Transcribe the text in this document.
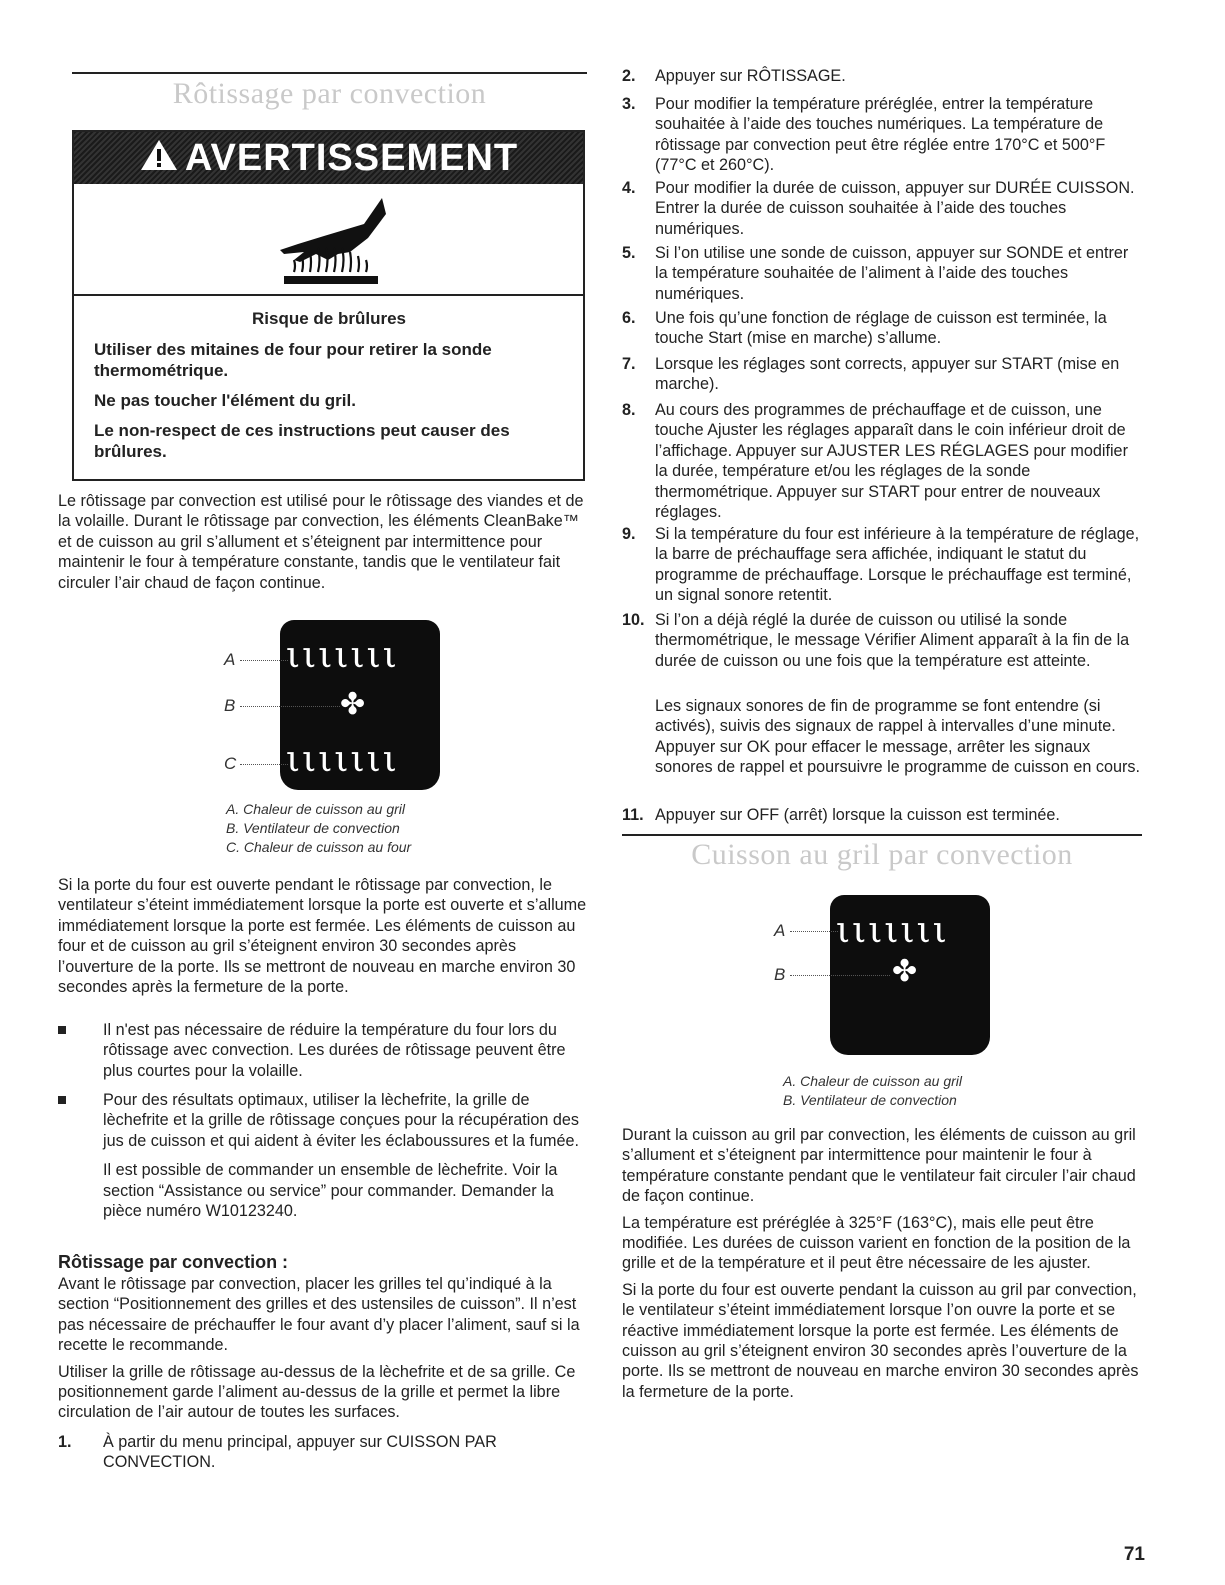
Rôtissage par convection
AVERTISSEMENT

Risque de brûlures

Utiliser des mitaines de four pour retirer la sonde thermométrique.

Ne pas toucher l'élément du gril.

Le non-respect de ces instructions peut causer des brûlures.

Le rôtissage par convection est utilisé pour le rôtissage des viandes et de la volaille. Durant le rôtissage par convection, les éléments CleanBake™ et de cuisson au gril s’allument et s’éteignent par intermittence pour maintenir le four à température constante, tandis que le ventilateur fait circuler l’air chaud de façon continue.

ιιιιιιι
✤
ιιιιιιι
A
B
C
A. Chaleur de cuisson au gril
B. Ventilateur de convection
C. Chaleur de cuisson au four

Si la porte du four est ouverte pendant le rôtissage par convection, le ventilateur s’éteint immédiatement lorsque la porte est ouverte et s’allume immédiatement lorsque la porte est fermée. Les éléments de cuisson au four et de cuisson au gril s’éteignent environ 30 secondes après l’ouverture de la porte. Ils se mettront de nouveau en marche environ 30 secondes après la fermeture de la porte.

Il n'est pas nécessaire de réduire la température du four lors du rôtissage avec convection. Les durées de rôtissage peuvent être plus courtes pour la volaille.

Pour des résultats optimaux, utiliser la lèchefrite, la grille de lèchefrite et la grille de rôtissage conçues pour la récupération des jus de cuisson et qui aident à éviter les éclaboussures et la fumée.

Il est possible de commander un ensemble de lèchefrite. Voir la section “Assistance ou service” pour commander. Demander la pièce numéro W10123240.

Rôtissage par convection :

Avant le rôtissage par convection, placer les grilles tel qu’indiqué à la section “Positionnement des grilles et des ustensiles de cuisson”. Il n’est pas nécessaire de préchauffer le four avant d’y placer l’aliment, sauf si la recette le recommande.

Utiliser la grille de rôtissage au-dessus de la lèchefrite et de sa grille. Ce positionnement garde l’aliment au-dessus de la grille et permet la libre circulation de l’air autour de toutes les surfaces.

1. À partir du menu principal, appuyer sur CUISSON PAR CONVECTION.
2. Appuyer sur RÔTISSAGE.
3. Pour modifier la température préréglée, entrer la température souhaitée à l’aide des touches numériques. La température de rôtissage par convection peut être réglée entre 170°C et 500°F (77°C et 260°C).
4. Pour modifier la durée de cuisson, appuyer sur DURÉE CUISSON. Entrer la durée de cuisson souhaitée à l’aide des touches numériques.
5. Si l’on utilise une sonde de cuisson, appuyer sur SONDE et entrer la température souhaitée de l’aliment à l’aide des touches numériques.
6. Une fois qu’une fonction de réglage de cuisson est terminée, la touche Start (mise en marche) s’allume.
7. Lorsque les réglages sont corrects, appuyer sur START (mise en marche).
8. Au cours des programmes de préchauffage et de cuisson, une touche Ajuster les réglages apparaît dans le coin inférieur droit de l’affichage. Appuyer sur AJUSTER LES RÉGLAGES pour modifier la durée, température et/ou les réglages de la sonde thermométrique. Appuyer sur START pour entrer de nouveaux réglages.
9. Si la température du four est inférieure à la température de réglage, la barre de préchauffage sera affichée, indiquant le statut du programme de préchauffage. Lorsque le préchauffage est terminé, un signal sonore retentit.
10. Si l’on a déjà réglé la durée de cuisson ou utilisé la sonde thermométrique, le message Vérifier Aliment apparaît à la fin de la durée de cuisson ou une fois que la température est atteinte.
Les signaux sonores de fin de programme se font entendre (si activés), suivis des signaux de rappel à intervalles d’une minute. Appuyer sur OK pour effacer le message, arrêter les signaux sonores de rappel et poursuivre le programme de cuisson en cours.
11. Appuyer sur OFF (arrêt) lorsque la cuisson est terminée.
Cuisson au gril par convection
ιιιιιιι
✤
A
B
A. Chaleur de cuisson au gril
B. Ventilateur de convection

Durant la cuisson au gril par convection, les éléments de cuisson au gril s’allument et s’éteignent par intermittence pour maintenir le four à température constante pendant que le ventilateur fait circuler l’air chaud de façon continue.

La température est préréglée à 325°F (163°C), mais elle peut être modifiée. Les durées de cuisson varient en fonction de la position de la grille et de la température et il peut être nécessaire de les ajuster.

Si la porte du four est ouverte pendant la cuisson au gril par convection, le ventilateur s’éteint immédiatement lorsque l’on ouvre la porte et se réactive immédiatement lorsque la porte est fermée. Les éléments de cuisson au gril s’éteignent environ 30 secondes après l’ouverture de la porte. Ils se mettront de nouveau en marche environ 30 secondes après la fermeture de la porte.

71
